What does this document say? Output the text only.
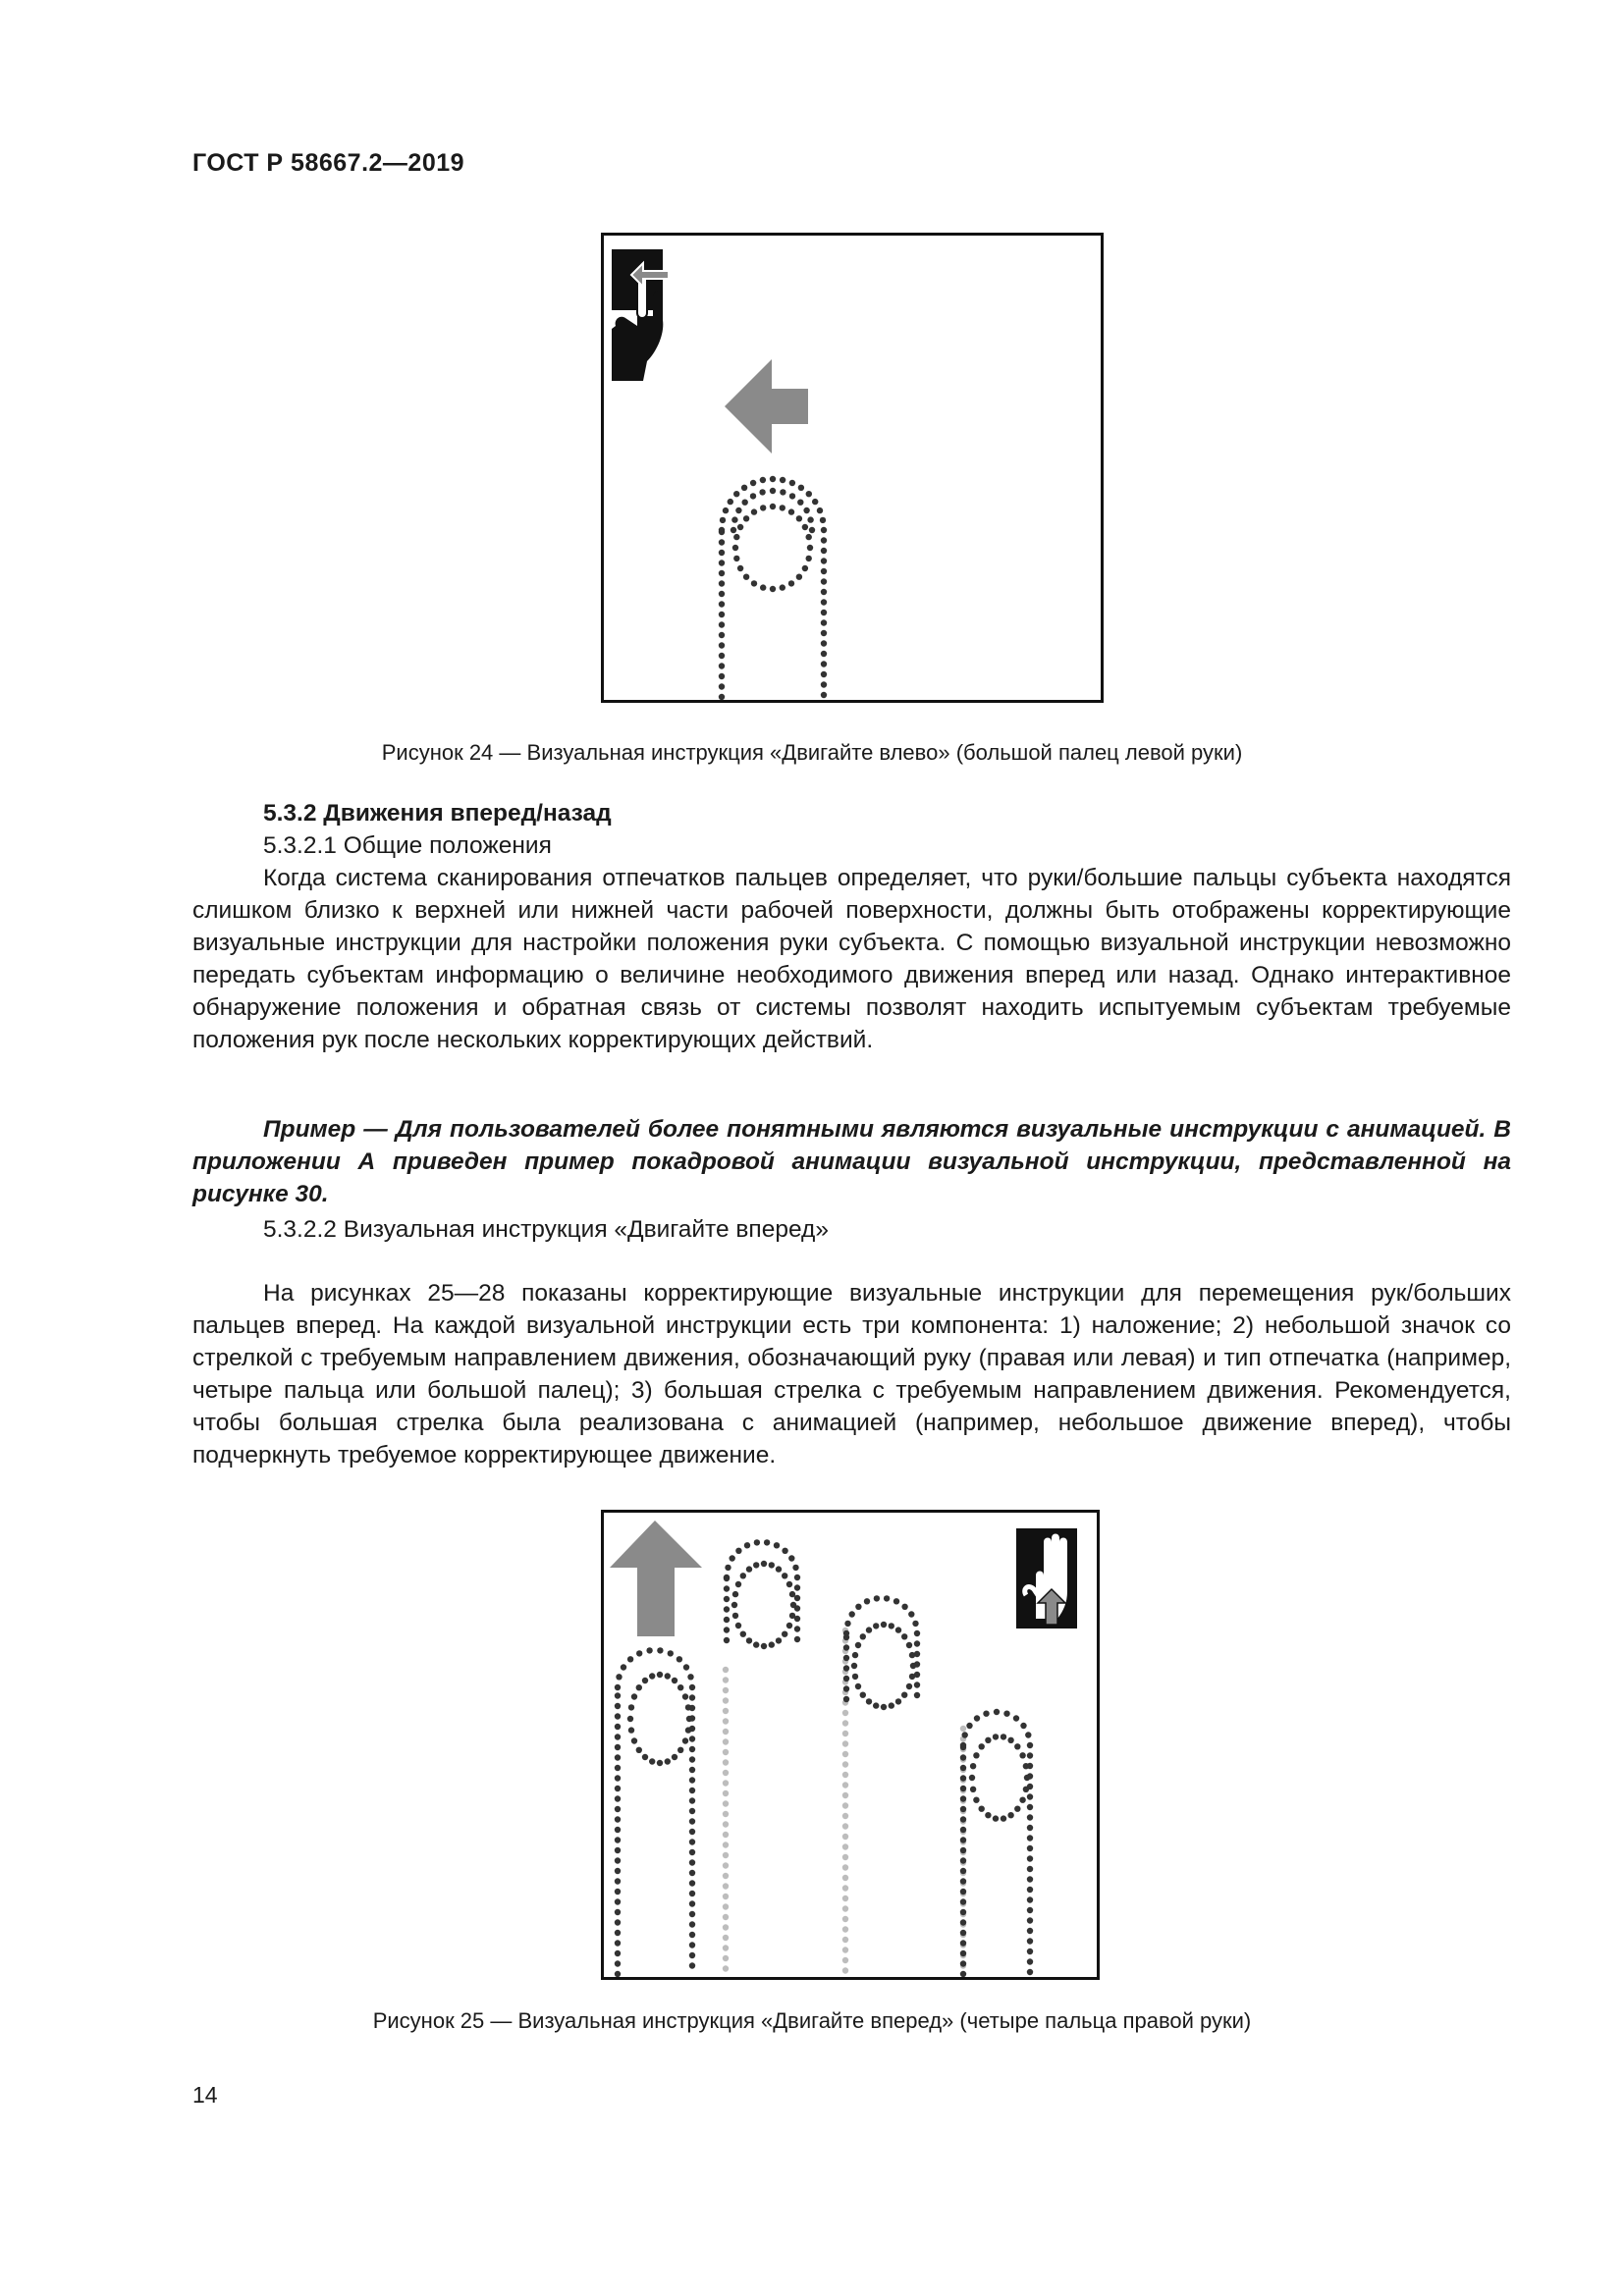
ГОСТ Р 58667.2—2019
Рисунок 24 — Визуальная инструкция «Двигайте влево» (большой палец левой руки)

5.3.2 Движения вперед/назад

5.3.2.1 Общие положения

Когда система сканирования отпечатков пальцев определяет, что руки/большие пальцы субъекта находятся слишком близко к верхней или нижней части рабочей поверхности, должны быть отображены корректирующие визуальные инструкции для настройки положения руки субъекта. С помощью визуальной инструкции невозможно передать субъектам информацию о величине необходимого движения вперед или назад. Однако интерактивное обнаружение положения и обратная связь от системы позволят находить испытуемым субъектам требуемые положения рук после нескольких корректирующих действий.

Пример — Для пользователей более понятными являются визуальные инструкции с анимацией. В приложении А приведен пример покадровой анимации визуальной инструкции, представленной на рисунке 30.

5.3.2.2 Визуальная инструкция «Двигайте вперед»

На рисунках 25—28 показаны корректирующие визуальные инструкции для перемещения рук/больших пальцев вперед. На каждой визуальной инструкции есть три компонента: 1) наложение; 2) небольшой значок со стрелкой с требуемым направлением движения, обозначающий руку (правая или левая) и тип отпечатка (например, четыре пальца или большой палец); 3) большая стрелка с требуемым направлением движения. Рекомендуется, чтобы большая стрелка была реализована с анимацией (например, небольшое движение вперед), чтобы подчеркнуть требуемое корректирующее движение.

Рисунок 25 — Визуальная инструкция «Двигайте вперед» (четыре пальца правой руки)
14
